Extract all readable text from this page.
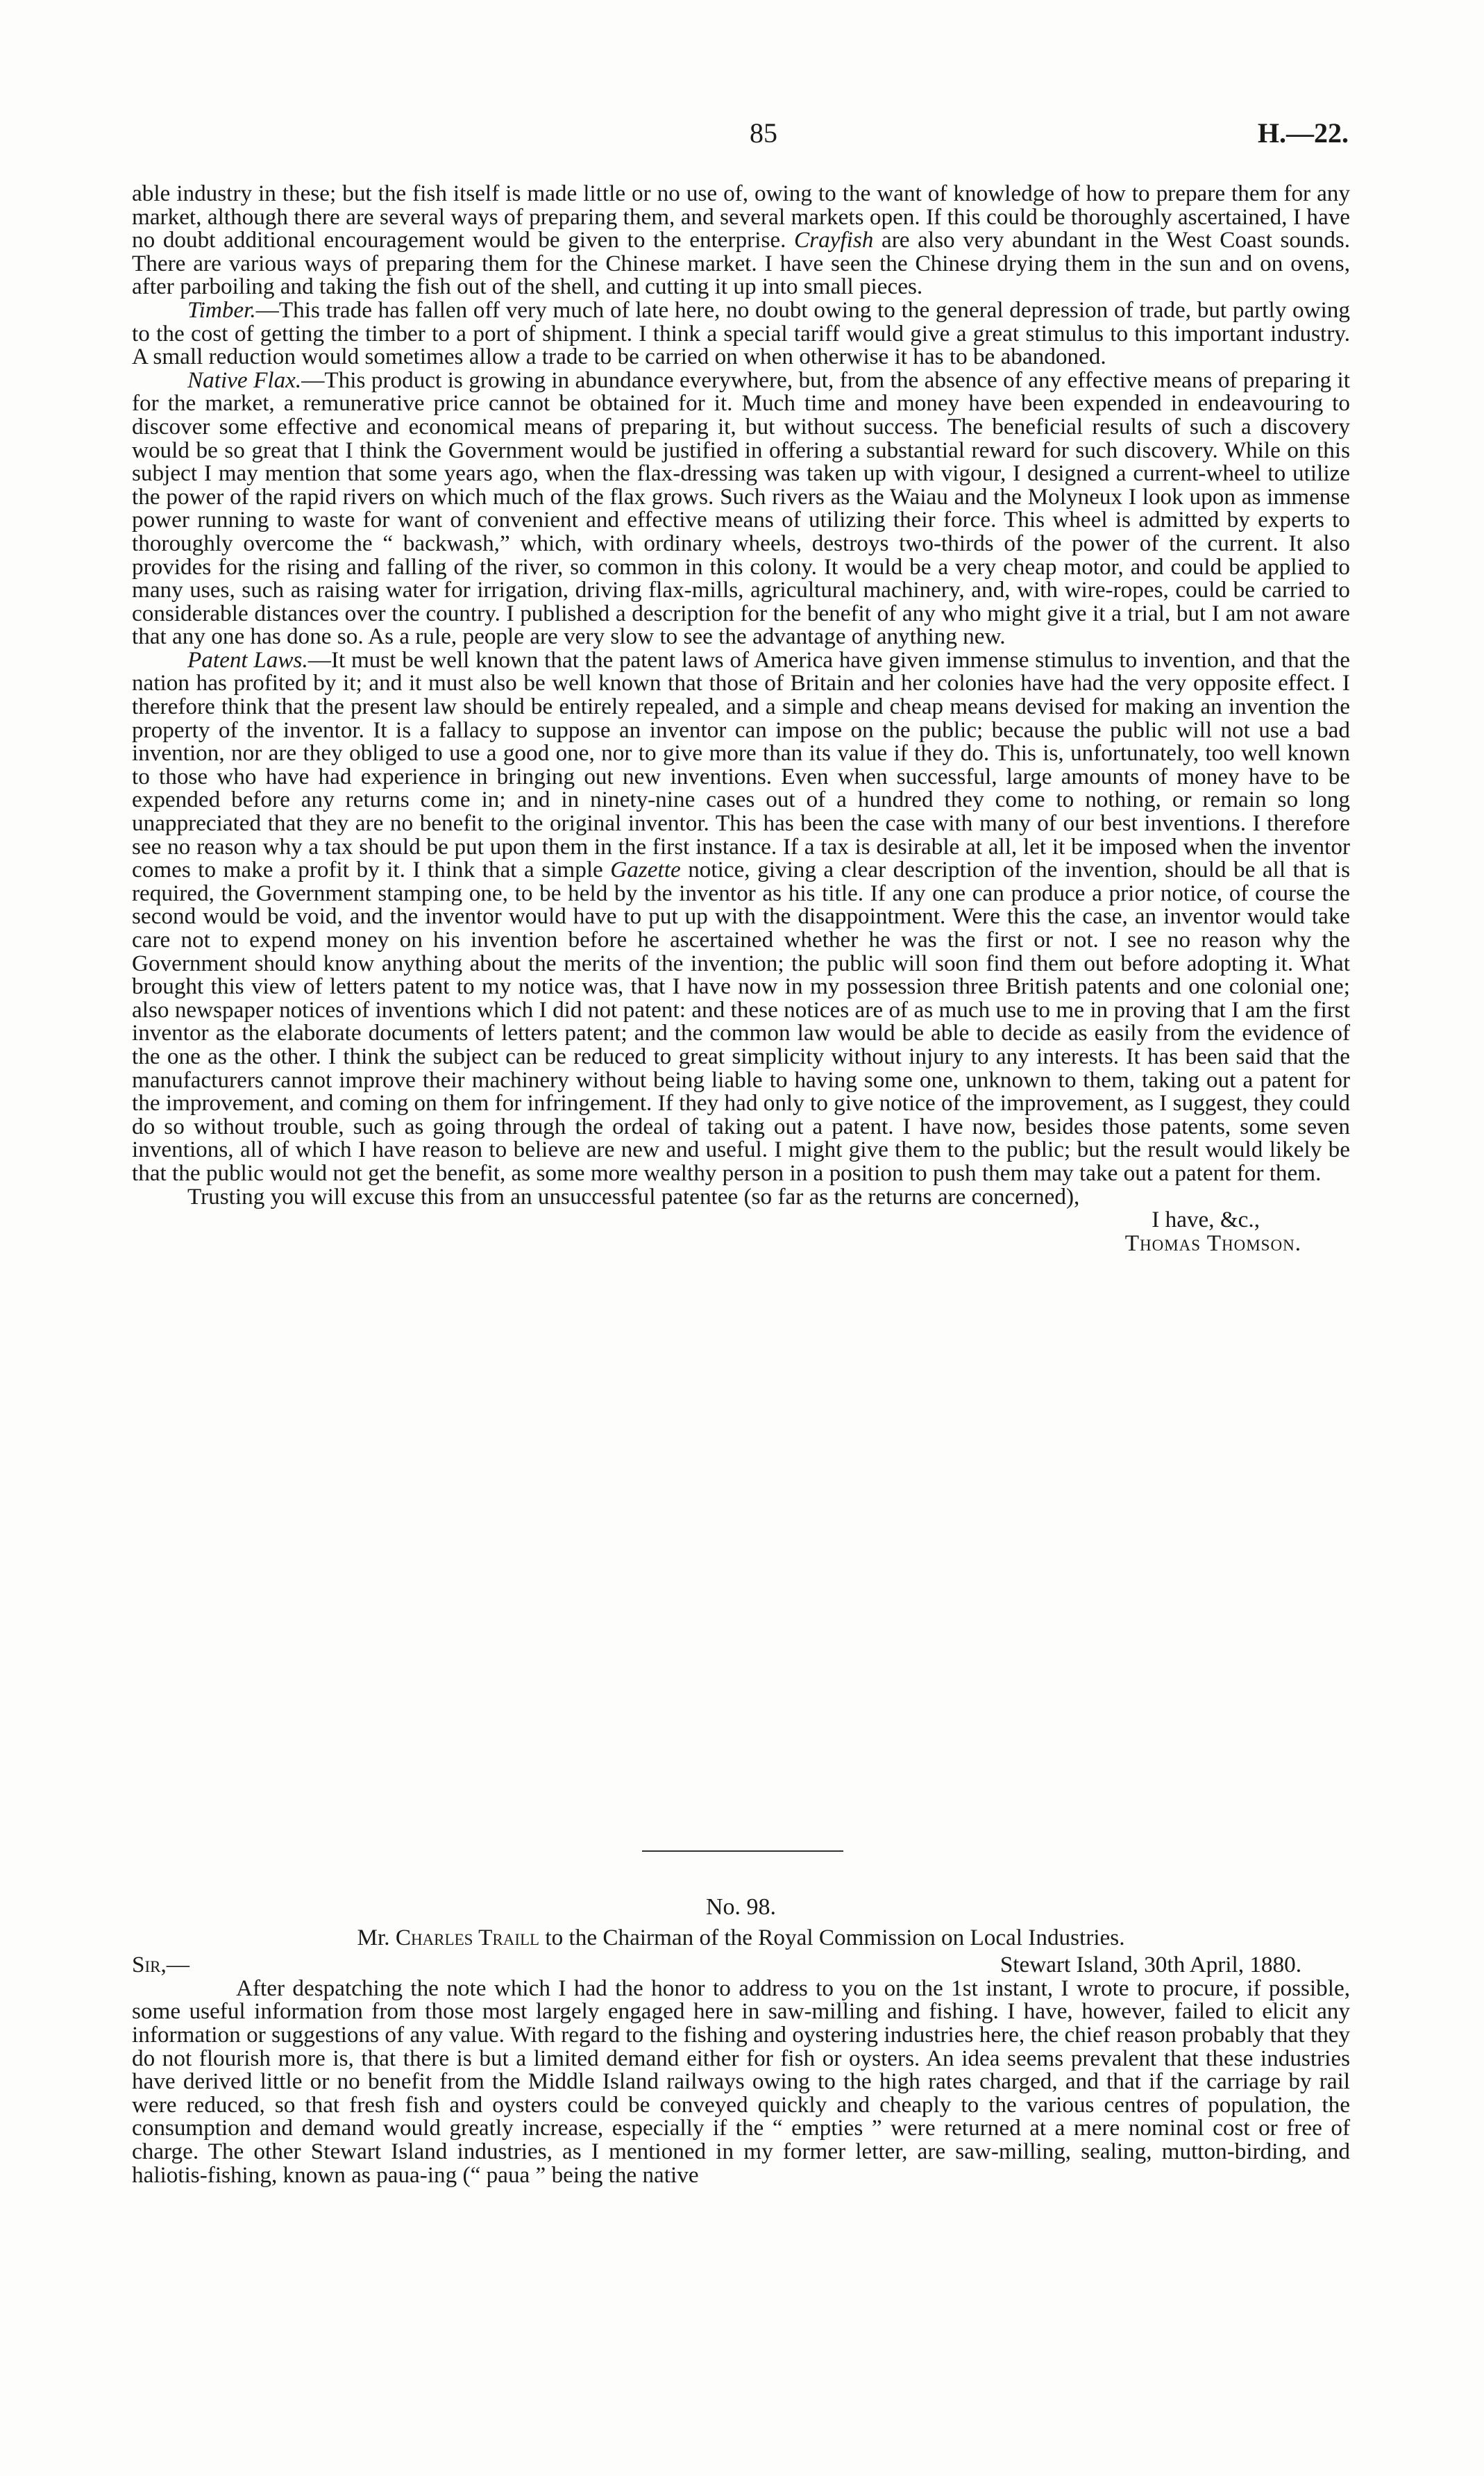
85	H.—22.

able industry in these; but the fish itself is made little or no use of, owing to the want of knowledge of how to prepare them for any market, although there are several ways of preparing them, and several markets open. If this could be thoroughly ascertained, I have no doubt additional encouragement would be given to the enterprise. Crayfish are also very abundant in the West Coast sounds. There are various ways of preparing them for the Chinese market. I have seen the Chinese drying them in the sun and on ovens, after parboiling and taking the fish out of the shell, and cutting it up into small pieces.

Timber.—This trade has fallen off very much of late here, no doubt owing to the general depression of trade, but partly owing to the cost of getting the timber to a port of shipment. I think a special tariff would give a great stimulus to this important industry. A small reduction would sometimes allow a trade to be carried on when otherwise it has to be abandoned.

Native Flax.—This product is growing in abundance everywhere, but, from the absence of any effective means of preparing it for the market, a remunerative price cannot be obtained for it. Much time and money have been expended in endeavouring to discover some effective and economical means of preparing it, but without success. The beneficial results of such a discovery would be so great that I think the Government would be justified in offering a substantial reward for such discovery. While on this subject I may mention that some years ago, when the flax-dressing was taken up with vigour, I designed a current-wheel to utilize the power of the rapid rivers on which much of the flax grows. Such rivers as the Waiau and the Molyneux I look upon as immense power running to waste for want of convenient and effective means of utilizing their force. This wheel is admitted by experts to thoroughly overcome the “ backwash,” which, with ordinary wheels, destroys two-thirds of the power of the current. It also provides for the rising and falling of the river, so common in this colony. It would be a very cheap motor, and could be applied to many uses, such as raising water for irrigation, driving flax-mills, agricultural machinery, and, with wire-ropes, could be carried to considerable distances over the country. I published a description for the benefit of any who might give it a trial, but I am not aware that any one has done so. As a rule, people are very slow to see the advantage of anything new.

Patent Laws.—It must be well known that the patent laws of America have given immense stimulus to invention, and that the nation has profited by it; and it must also be well known that those of Britain and her colonies have had the very opposite effect. I therefore think that the present law should be entirely repealed, and a simple and cheap means devised for making an invention the property of the inventor. It is a fallacy to suppose an inventor can impose on the public; because the public will not use a bad invention, nor are they obliged to use a good one, nor to give more than its value if they do. This is, unfortunately, too well known to those who have had experience in bringing out new inventions. Even when successful, large amounts of money have to be expended before any returns come in; and in ninety-nine cases out of a hundred they come to nothing, or remain so long unappreciated that they are no benefit to the original inventor. This has been the case with many of our best inventions. I therefore see no reason why a tax should be put upon them in the first instance. If a tax is desirable at all, let it be imposed when the inventor comes to make a profit by it. I think that a simple Gazette notice, giving a clear description of the invention, should be all that is required, the Government stamping one, to be held by the inventor as his title. If any one can produce a prior notice, of course the second would be void, and the inventor would have to put up with the disappointment. Were this the case, an inventor would take care not to expend money on his invention before he ascertained whether he was the first or not. I see no reason why the Government should know anything about the merits of the invention; the public will soon find them out before adopting it. What brought this view of letters patent to my notice was, that I have now in my possession three British patents and one colonial one; also newspaper notices of inventions which I did not patent: and these notices are of as much use to me in proving that I am the first inventor as the elaborate documents of letters patent; and the common law would be able to decide as easily from the evidence of the one as the other. I think the subject can be reduced to great simplicity without injury to any interests. It has been said that the manufacturers cannot improve their machinery without being liable to having some one, unknown to them, taking out a patent for the improvement, and coming on them for infringement. If they had only to give notice of the improvement, as I suggest, they could do so without trouble, such as going through the ordeal of taking out a patent. I have now, besides those patents, some seven inventions, all of which I have reason to believe are new and useful. I might give them to the public; but the result would likely be that the public would not get the benefit, as some more wealthy person in a position to push them may take out a patent for them.

Trusting you will excuse this from an unsuccessful patentee (so far as the returns are concerned),

I have, &c.,

Thomas Thomson.

No. 98.

Mr. Charles Traill to the Chairman of the Royal Commission on Local Industries.

Sir,—	Stewart Island, 30th April, 1880.

After despatching the note which I had the honor to address to you on the 1st instant, I wrote to procure, if possible, some useful information from those most largely engaged here in saw-milling and fishing. I have, however, failed to elicit any information or suggestions of any value. With regard to the fishing and oystering industries here, the chief reason probably that they do not flourish more is, that there is but a limited demand either for fish or oysters. An idea seems prevalent that these industries have derived little or no benefit from the Middle Island railways owing to the high rates charged, and that if the carriage by rail were reduced, so that fresh fish and oysters could be conveyed quickly and cheaply to the various centres of population, the consumption and demand would greatly increase, especially if the “ empties ” were returned at a mere nominal cost or free of charge. The other Stewart Island industries, as I mentioned in my former letter, are saw-milling, sealing, mutton-birding, and haliotis-fishing, known as paua-ing (“ paua ” being the native
